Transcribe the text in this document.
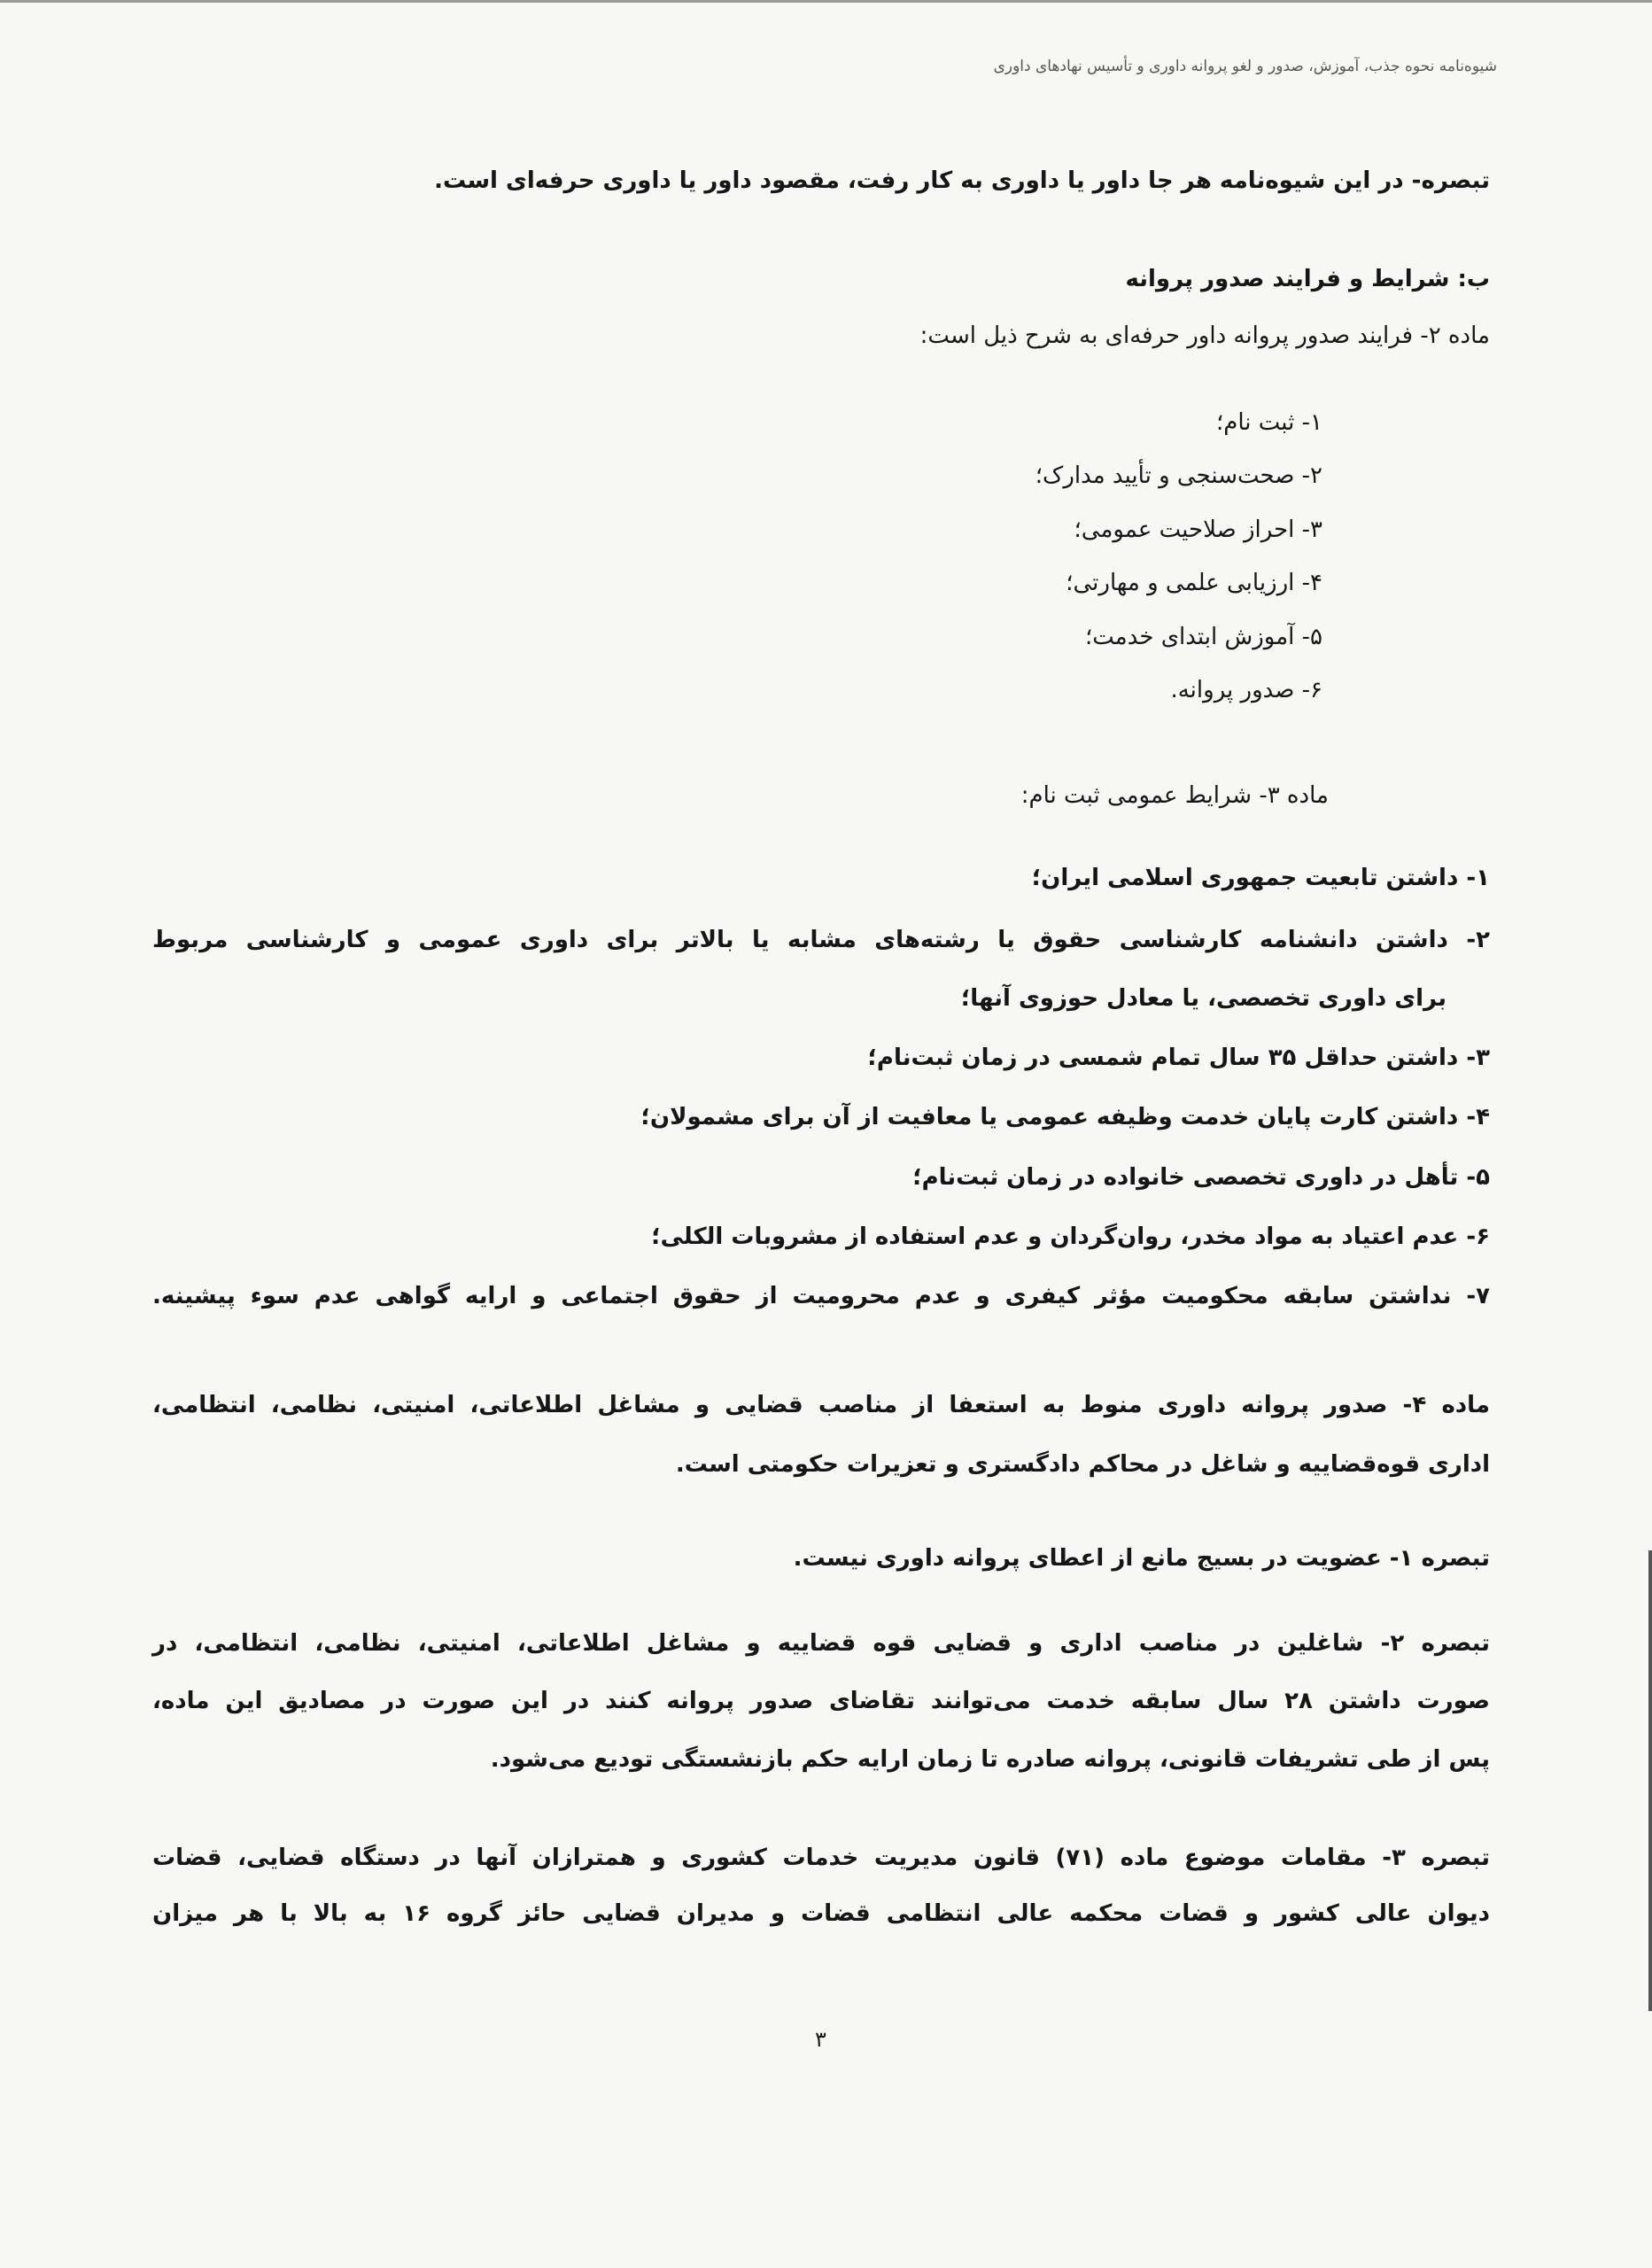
شیوه‌نامه نحوه جذب، آموزش، صدور و لغو پروانه داوری و تأسیس نهادهای داوری
تبصره- در این شیوه‌نامه هر جا داور یا داوری به کار رفت، مقصود داور یا داوری حرفه‌ای است.
ب: شرایط و فرایند صدور پروانه
ماده ۲- فرایند صدور پروانه داور حرفه‌ای به شرح ذیل است:
۱- ثبت نام؛
۲- صحت‌سنجی و تأیید مدارک؛
۳- احراز صلاحیت عمومی؛
۴- ارزیابی علمی و مهارتی؛
۵- آموزش ابتدای خدمت؛
۶- صدور پروانه.
ماده ۳- شرایط عمومی ثبت نام:
۱- داشتن تابعیت جمهوری اسلامی ایران؛
۲- داشتن دانشنامه کارشناسی حقوق یا رشته‌های مشابه یا بالاتر برای داوری عمومی و کارشناسی مربوط
برای داوری تخصصی، یا معادل حوزوی آنها؛
۳- داشتن حداقل ۳۵ سال تمام شمسی در زمان ثبت‌نام؛
۴- داشتن کارت پایان خدمت وظیفه عمومی یا معافیت از آن برای مشمولان؛
۵- تأهل در داوری تخصصی خانواده در زمان ثبت‌نام؛
۶- عدم اعتیاد به مواد مخدر، روان‌گردان و عدم استفاده از مشروبات الکلی؛
۷- نداشتن سابقه محکومیت مؤثر کیفری و عدم محرومیت از حقوق اجتماعی و ارایه گواهی عدم سوء پیشینه.
ماده ۴- صدور پروانه داوری منوط به استعفا از مناصب قضایی و مشاغل اطلاعاتی، امنیتی، نظامی، انتظامی،
اداری قوه‌قضاییه و شاغل در محاکم دادگستری و تعزیرات حکومتی است.
تبصره ۱- عضویت در بسیج مانع از اعطای پروانه داوری نیست.
تبصره ۲- شاغلین در مناصب اداری و قضایی قوه قضاییه و مشاغل اطلاعاتی، امنیتی، نظامی، انتظامی، در
صورت داشتن ۲۸ سال سابقه خدمت می‌توانند تقاضای صدور پروانه کنند در این صورت در مصادیق این ماده،
پس از طی تشریفات قانونی، پروانه صادره تا زمان ارایه حکم بازنشستگی تودیع می‌شود.
تبصره ۳- مقامات موضوع ماده (۷۱) قانون مدیریت خدمات کشوری و همترازان آنها در دستگاه قضایی، قضات
دیوان عالی کشور و قضات محکمه عالی انتظامی قضات و مدیران قضایی حائز گروه ۱۶ به بالا با هر میزان
۳
